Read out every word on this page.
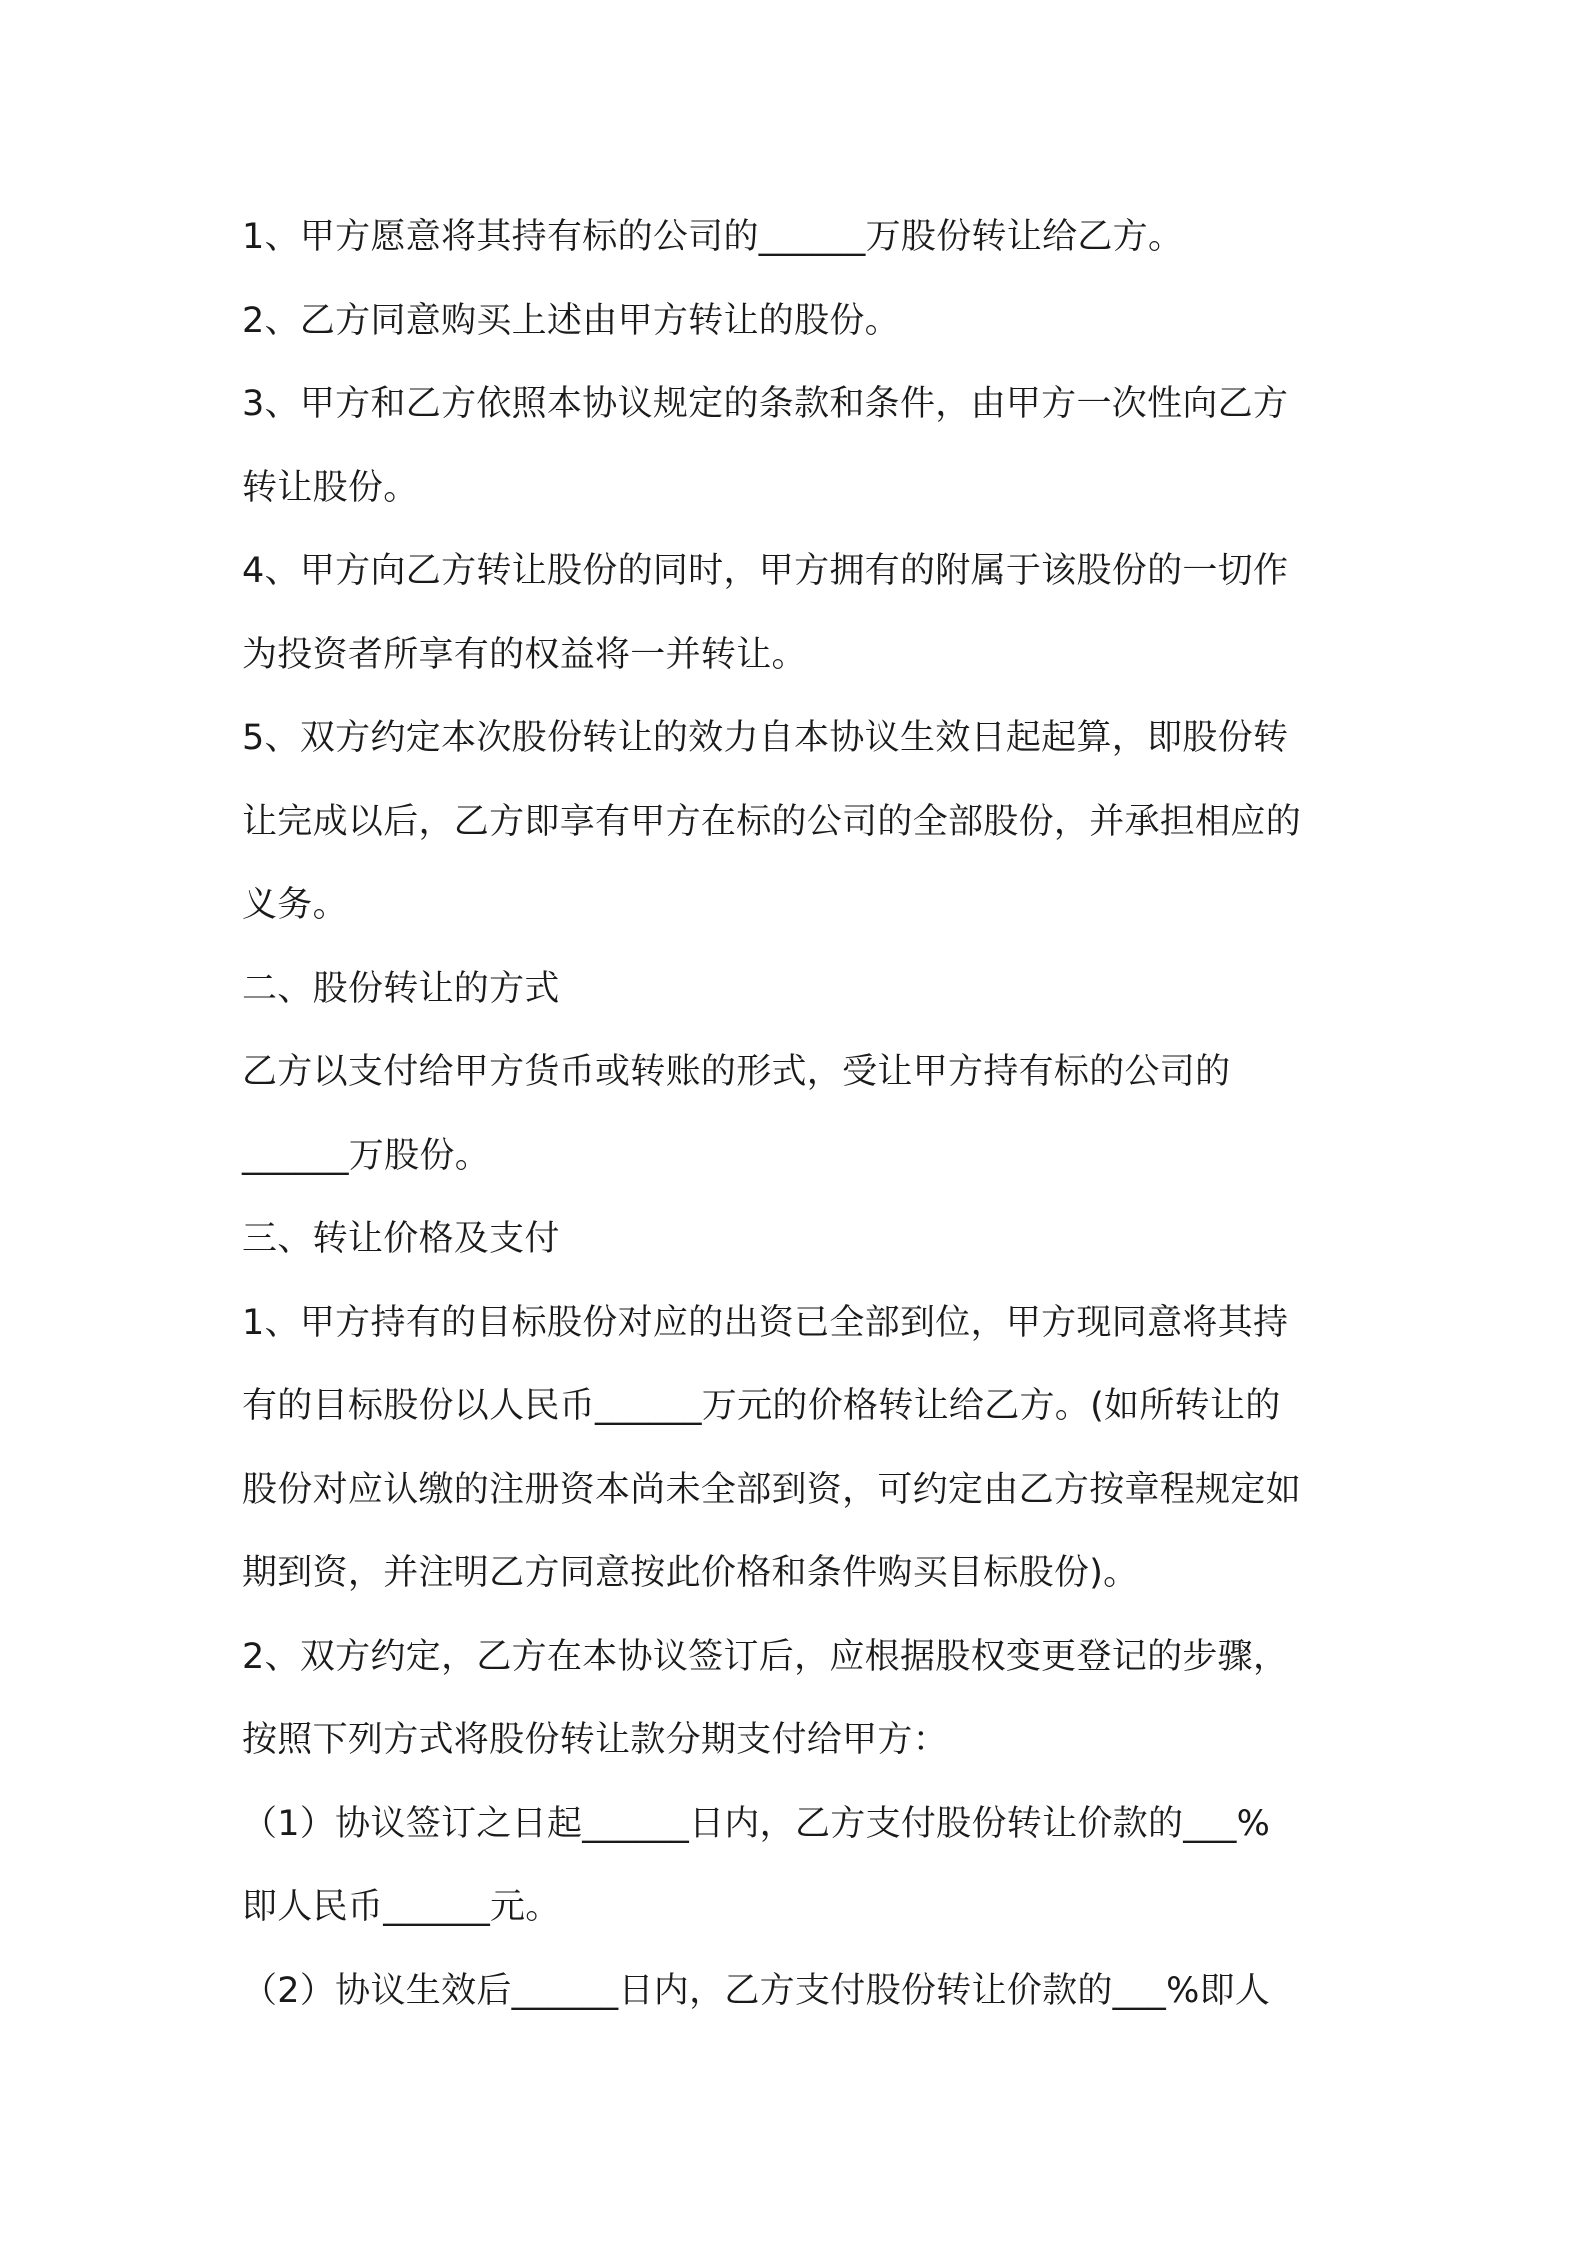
1、甲方愿意将其持有标的公司的______万股份转让给乙方。
2、乙方同意购买上述由甲方转让的股份。
3、甲方和乙方依照本协议规定的条款和条件，由甲方一次性向乙方
转让股份。
4、甲方向乙方转让股份的同时，甲方拥有的附属于该股份的一切作
为投资者所享有的权益将一并转让。
5、双方约定本次股份转让的效力自本协议生效日起起算，即股份转
让完成以后，乙方即享有甲方在标的公司的全部股份，并承担相应的
义务。
二、股份转让的方式
乙方以支付给甲方货币或转账的形式，受让甲方持有标的公司的
______万股份。
三、转让价格及支付
1、甲方持有的目标股份对应的出资已全部到位，甲方现同意将其持
有的目标股份以人民币______万元的价格转让给乙方。(如所转让的
股份对应认缴的注册资本尚未全部到资，可约定由乙方按章程规定如
期到资，并注明乙方同意按此价格和条件购买目标股份)。
2、双方约定，乙方在本协议签订后，应根据股权变更登记的步骤，
按照下列方式将股份转让款分期支付给甲方：
（1）协议签订之日起______日内，乙方支付股份转让价款的___%
即人民币______元。
（2）协议生效后______日内，乙方支付股份转让价款的___%即人
